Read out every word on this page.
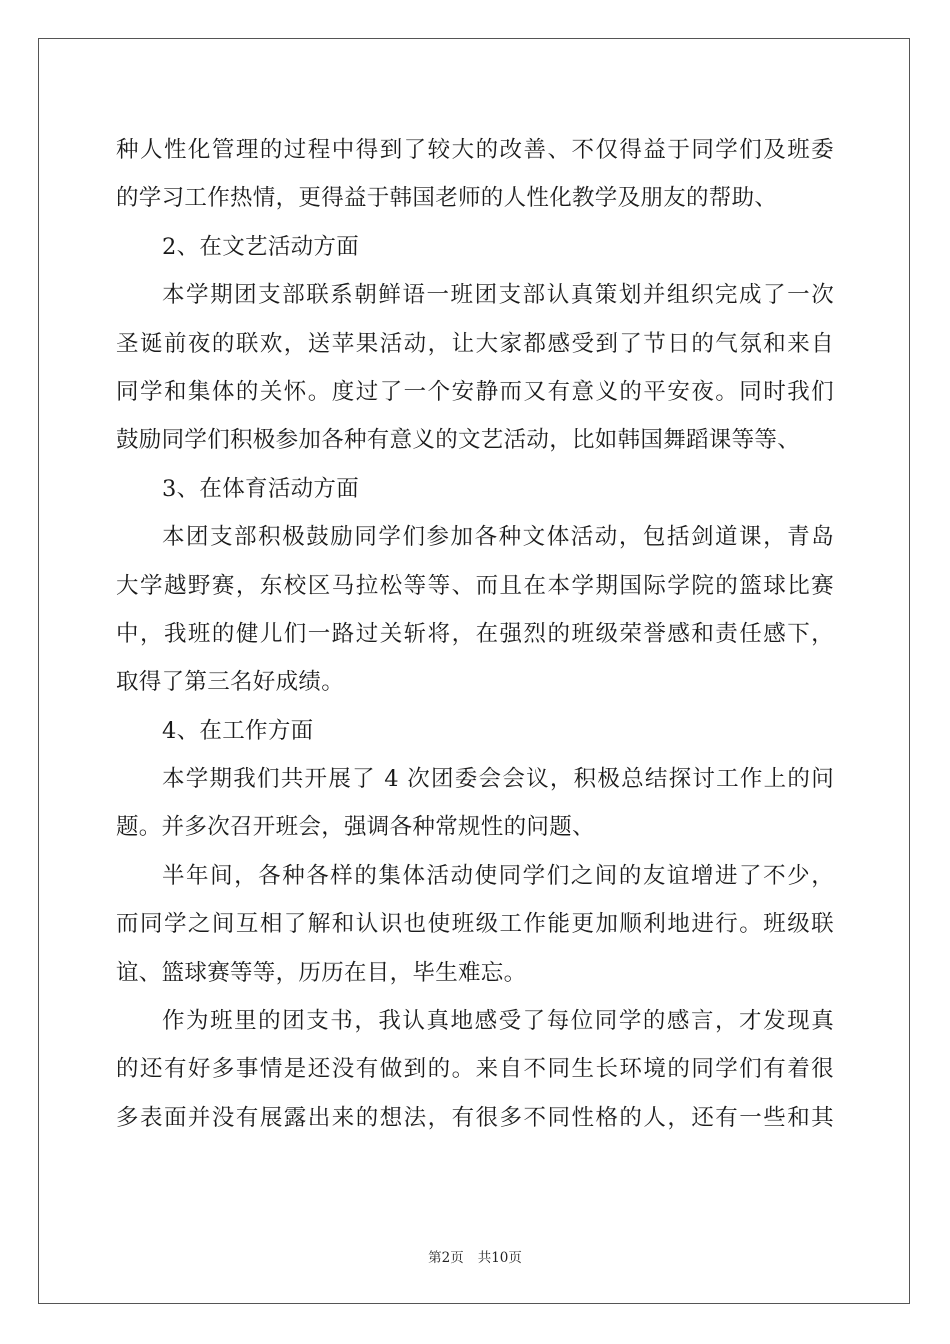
种人性化管理的过程中得到了较大的改善、不仅得益于同学们及班委
的学习工作热情，更得益于韩国老师的人性化教学及朋友的帮助、
2、在文艺活动方面
本学期团支部联系朝鲜语一班团支部认真策划并组织完成了一次
圣诞前夜的联欢，送苹果活动，让大家都感受到了节日的气氛和来自
同学和集体的关怀。度过了一个安静而又有意义的平安夜。同时我们
鼓励同学们积极参加各种有意义的文艺活动，比如韩国舞蹈课等等、
3、在体育活动方面
本团支部积极鼓励同学们参加各种文体活动，包括剑道课，青岛
大学越野赛，东校区马拉松等等、而且在本学期国际学院的篮球比赛
中，我班的健儿们一路过关斩将，在强烈的班级荣誉感和责任感下，
取得了第三名好成绩。
4、在工作方面
本学期我们共开展了 4 次团委会会议，积极总结探讨工作上的问
题。并多次召开班会，强调各种常规性的问题、
半年间，各种各样的集体活动使同学们之间的友谊增进了不少，
而同学之间互相了解和认识也使班级工作能更加顺利地进行。班级联
谊、篮球赛等等，历历在目，毕生难忘。
作为班里的团支书，我认真地感受了每位同学的感言，才发现真
的还有好多事情是还没有做到的。来自不同生长环境的同学们有着很
多表面并没有展露出来的想法，有很多不同性格的人，还有一些和其
第2页 共10页
